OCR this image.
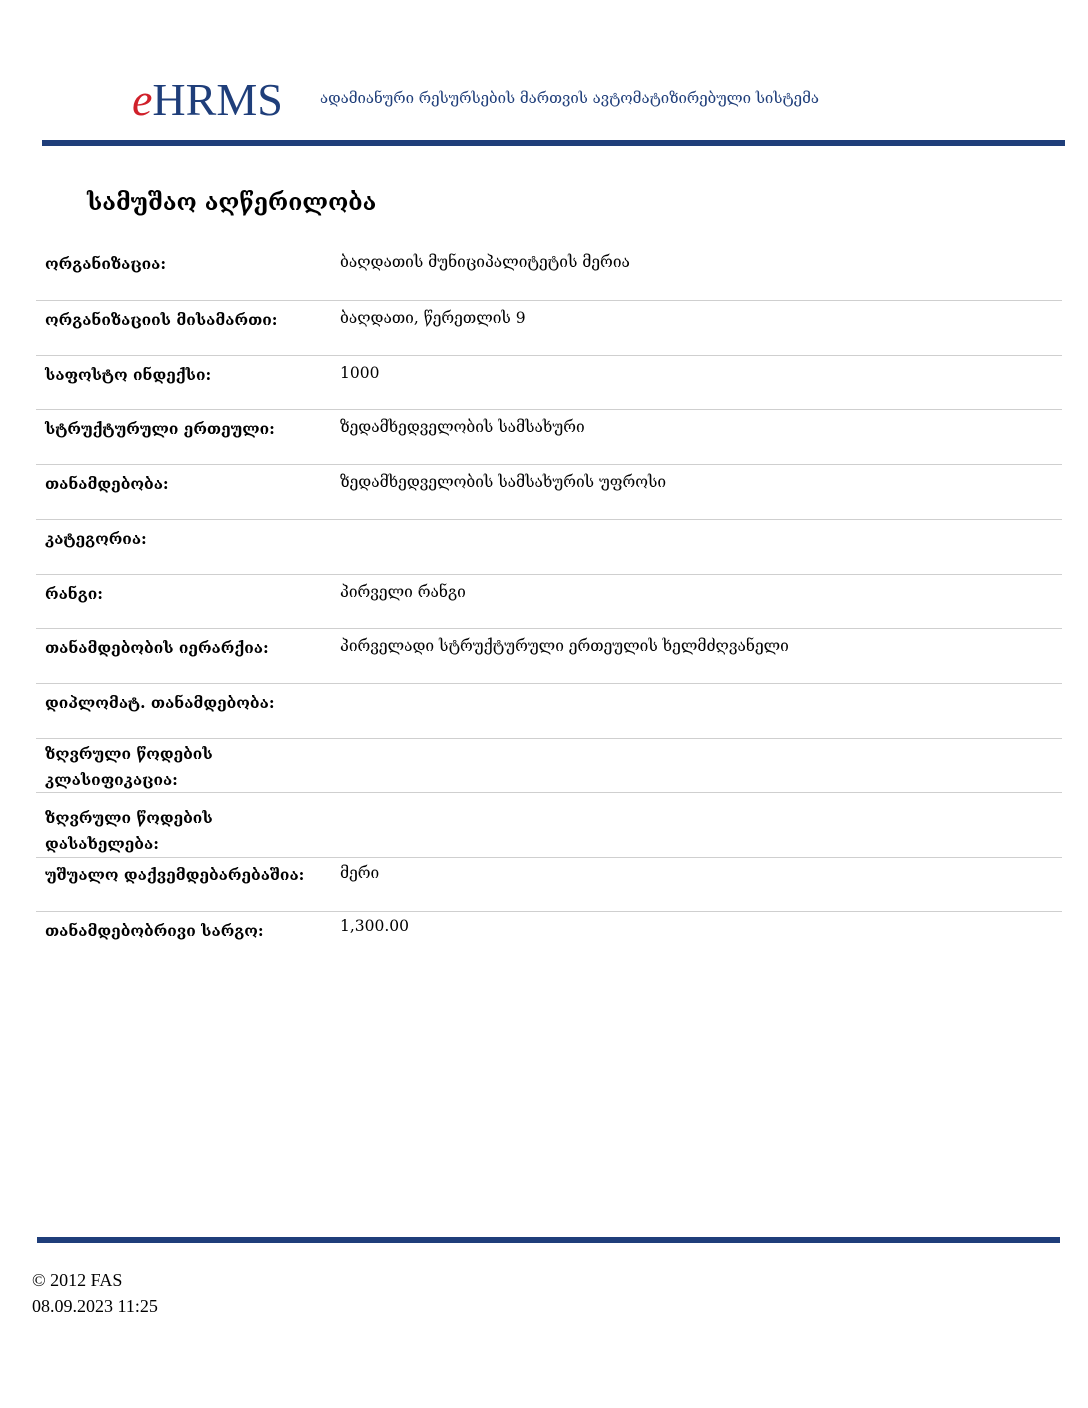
eHRMS ადამიანური რესურსების მართვის ავტომატიზირებული სისტემა
სამუშაო აღწერილობა
ორგანიზაცია:	ბაღდათის მუნიციპალიტეტის მერია
ორგანიზაციის მისამართი:	ბაღდათი, წერეთლის 9
საფოსტო ინდექსი:	1000
სტრუქტურული ერთეული:	ზედამხედველობის სამსახური
თანამდებობა:	ზედამხედველობის სამსახურის უფროსი
კატეგორია:
რანგი:	პირველი რანგი
თანამდებობის იერარქია:	პირველადი სტრუქტურული ერთეულის ხელმძღვანელი
დიპლომატ. თანამდებობა:
ზღვრული წოდების კლასიფიკაცია:
ზღვრული წოდების დასახელება:
უშუალო დაქვემდებარებაშია:	მერი
თანამდებობრივი სარგო:	1,300.00
© 2012 FAS
08.09.2023 11:25
